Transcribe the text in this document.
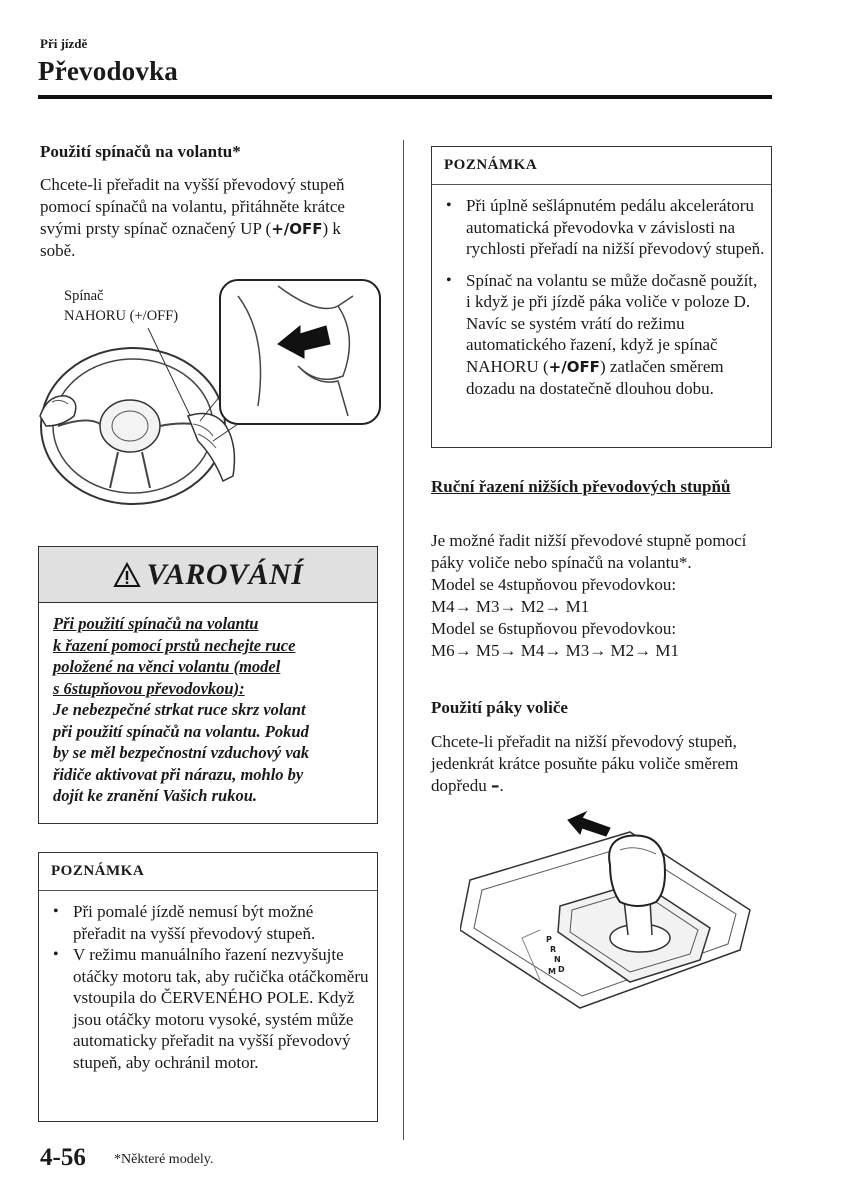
Při jízdě
Převodovka
Použití spínačů na volantu*
Chcete-li přeřadit na vyšší převodový stupeň pomocí spínačů na volantu, přitáhněte krátce svými prsty spínač označený UP (+/OFF) k sobě.
Spínač
NAHORU (+/OFF)
VAROVÁNÍ
Při použití spínačů na volantu
k řazení pomocí prstů nechejte ruce
položené na věnci volantu (model
s 6stupňovou převodovkou):
Je nebezpečné strkat ruce skrz volant
při použití spínačů na volantu. Pokud
by se měl bezpečnostní vzduchový vak
řidiče aktivovat při nárazu, mohlo by
dojít ke zranění Vašich rukou.
POZNÁMKA
• Při pomalé jízdě nemusí být možné přeřadit na vyšší převodový stupeň.
• V režimu manuálního řazení nezvyšujte otáčky motoru tak, aby ručička otáčkoměru vstoupila do ČERVENÉHO POLE. Když jsou otáčky motoru vysoké, systém může automaticky přeřadit na vyšší převodový stupeň, aby ochránil motor.
POZNÁMKA
• Při úplně sešlápnutém pedálu akcelerátoru automatická převodovka v závislosti na rychlosti přeřadí na nižší převodový stupeň.
• Spínač na volantu se může dočasně použít, i když je při jízdě páka voliče v poloze D. Navíc se systém vrátí do režimu automatického řazení, když je spínač NAHORU (+/OFF) zatlačen směrem dozadu na dostatečně dlouhou dobu.
Ruční řazení nižších převodových stupňů

Je možné řadit nižší převodové stupně pomocí páky voliče nebo spínačů na volantu*.

Model se 4stupňovou převodovkou:

M4→ M3→ M2→ M1

Model se 6stupňovou převodovkou:

M6→ M5→ M4→ M3→ M2→ M1

Použití páky voliče
Chcete-li přeřadit na nižší převodový stupeň, jedenkrát krátce posuňte páku voliče směrem dopředu –.
P
R
N
D
M
4-56 *Některé modely.
